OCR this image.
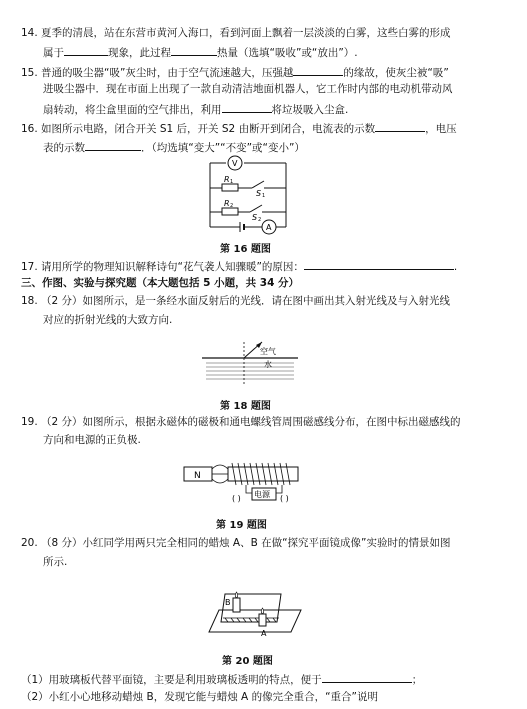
14. 夏季的清晨，站在东营市黄河入海口，看到河面上飘着一层淡淡的白雾，这些白雾的形成
属于	现象，此过程	热量（选填“吸收”或“放出”）.
15. 普通的吸尘器“吸”灰尘时，由于空气流速越大，压强越	的缘故，使灰尘被“吸”
进吸尘器中．现在市面上出现了一款自动清洁地面机器人，它工作时内部的电动机带动风
扇转动，将尘盒里面的空气排出，利用	将垃圾吸入尘盒.
16. 如图所示电路，闭合开关 S1 后，开关 S2 由断开到闭合，电流表的示数	，电压
表的示数	．（均选填“变大”“不变”或“变小”）
V
R 1
S 1
R 2
S 2
A
第 16 题图
17. 请用所学的物理知识解释诗句“花气袭人知骤暖”的原因：	.
三、作图、实验与探究题（本大题包括 5 小题，共 34 分）
18. （2 分）如图所示，是一条经水面反射后的光线．请在图中画出其入射光线及与入射光线
对应的折射光线的大致方向.
空气
水
第 18 题图
19. （2 分）如图所示，根据永磁体的磁极和通电螺线管周围磁感线分布，在图中标出磁感线的
方向和电源的正负极.
N
电源
( )	( )
第 19 题图
20. （8 分）小红同学用两只完全相同的蜡烛 A、B 在做“探究平面镜成像”实验时的情景如图
所示.
B
A
第 20 题图
（1）用玻璃板代替平面镜，主要是利用玻璃板透明的特点，便于	；
（2）小红小心地移动蜡烛 B，发现它能与蜡烛 A 的像完全重合，“重合”说明
